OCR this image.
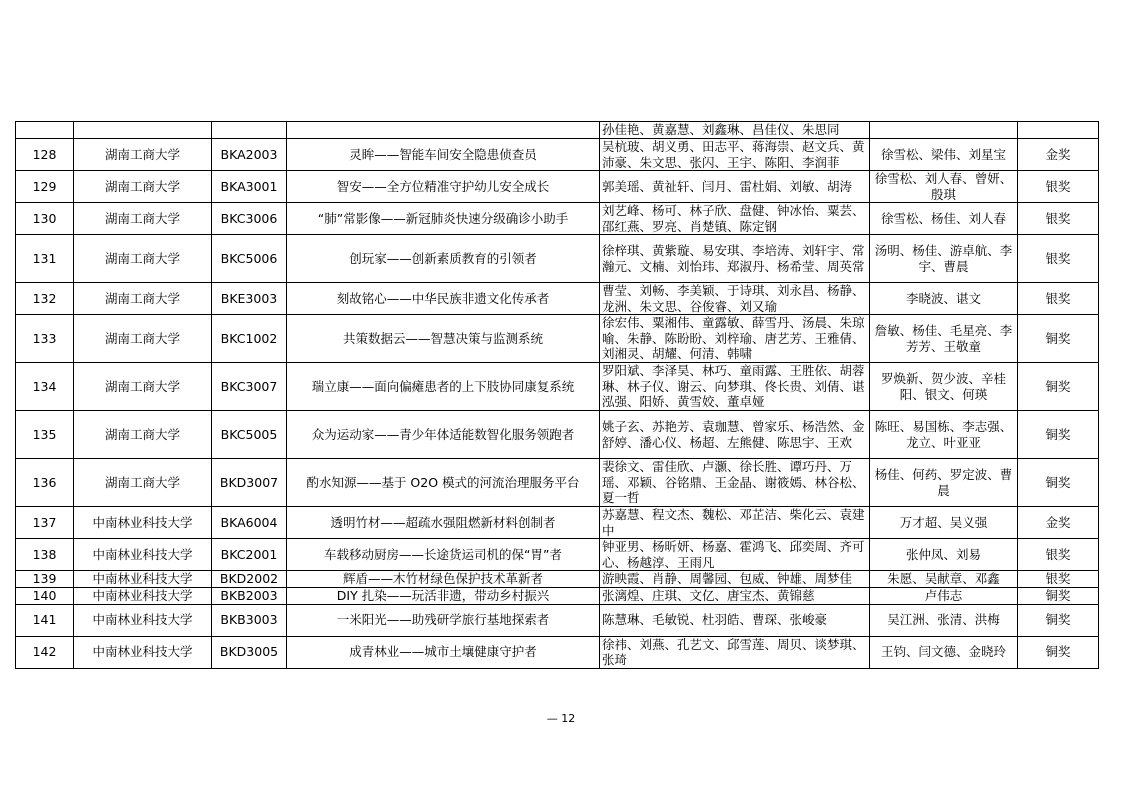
				孙佳艳、黄嘉慧、刘鑫琳、昌佳仪、朱思同		
128	湖南工商大学	BKA2003	灵眸——智能车间安全隐患侦查员	吴杭玻、胡义勇、田志平、蒋海崇、赵文兵、黄沛豪、朱文思、张闪、王宇、陈阳、李润菲	徐雪松、梁伟、刘星宝	金奖
129	湖南工商大学	BKA3001	智安——全方位精准守护幼儿安全成长	郭美瑶、黄祉轩、闫月、雷杜娟、刘敏、胡涛	徐雪松、刘人春、曾妍、殷琪	银奖
130	湖南工商大学	BKC3006	“肺”常影像——新冠肺炎快速分级确诊小助手	刘艺峰、杨可、林子欣、盘健、钟冰怡、粟芸、邵红燕、罗亮、肖楚镇、陈定钢	徐雪松、杨佳、刘人春	银奖
131	湖南工商大学	BKC5006	创玩家——创新素质教育的引领者	徐梓琪、黄紫璇、易安琪、李培涛、刘轩宇、常瀚元、文楠、刘怡玮、郑淑丹、杨希莹、周英常	汤明、杨佳、游卓航、李宇、曹晨	银奖
132	湖南工商大学	BKE3003	刻故铭心——中华民族非遗文化传承者	曹莹、刘畅、李美颖、于诗琪、刘永昌、杨静、龙洲、朱文思、谷俊睿、刘又瑜	李晓波、谌文	银奖
133	湖南工商大学	BKC1002	共策数据云——智慧决策与监测系统	徐宏伟、粟湘伟、童露敏、薛雪丹、汤晨、朱琼喻、朱静、陈盼盼、刘梓瑜、唐艺芳、王雅倩、刘湘灵、胡耀、何清、韩啸	詹敏、杨佳、毛星亮、李芳芳、王敬童	铜奖
134	湖南工商大学	BKC3007	瑞立康——面向偏瘫患者的上下肢协同康复系统	罗阳斌、李泽昊、林巧、童雨露、王胜依、胡蓉琳、林子仪、谢云、向梦琪、佟长贵、刘倩、谌泓强、阳娇、黄雪姣、董卓娅	罗焕新、贺少波、辛桂阳、银文、何瑛	铜奖
135	湖南工商大学	BKC5005	众为运动家——青少年体适能数智化服务领跑者	姚子玄、苏艳芳、袁珈慧、曾家乐、杨浩然、金舒婷、潘心仪、杨超、左熊健、陈思宇、王欢	陈旺、易国栋、李志强、龙立、叶亚亚	铜奖
136	湖南工商大学	BKD3007	酌水知源——基于 O2O 模式的河流治理服务平台	裴徐文、雷佳欣、卢灏、徐长胜、谭巧丹、万瑶、邓颖、谷铭鼎、王金晶、谢筱嫣、林谷松、夏一哲	杨佳、何药、罗定波、曹晨	铜奖
137	中南林业科技大学	BKA6004	透明竹材——超疏水强阻燃新材料创制者	苏嘉慧、程文杰、魏松、邓芷洁、柴化云、袁建中	万才超、吴义强	金奖
138	中南林业科技大学	BKC2001	车载移动厨房——长途货运司机的保“胃”者	钟亚男、杨昕妍、杨嘉、霍鸿飞、邱奕周、齐可心、杨越淳、王雨凡	张仲凤、刘易	银奖
139	中南林业科技大学	BKD2002	辉盾——木竹材绿色保护技术革新者	游映霞、肖静、周馨园、包威、钟雄、周梦佳	朱愿、吴献章、邓鑫	银奖
140	中南林业科技大学	BKB2003	DIY 扎染——玩活非遗，带动乡村振兴	张漓煌、庄琪、文亿、唐宝杰、黄锦慈	卢伟志	铜奖
141	中南林业科技大学	BKB3003	一米阳光——助残研学旅行基地探索者	陈慧琳、毛敏锐、杜羽皓、曹琛、张峻豪	吴江洲、张清、洪梅	铜奖
142	中南林业科技大学	BKD3005	成青林业——城市土壤健康守护者	徐祎、刘燕、孔艺文、邱雪莲、周贝、谈梦琪、张琦	王钧、闫文德、金晓玲	铜奖
— 12
